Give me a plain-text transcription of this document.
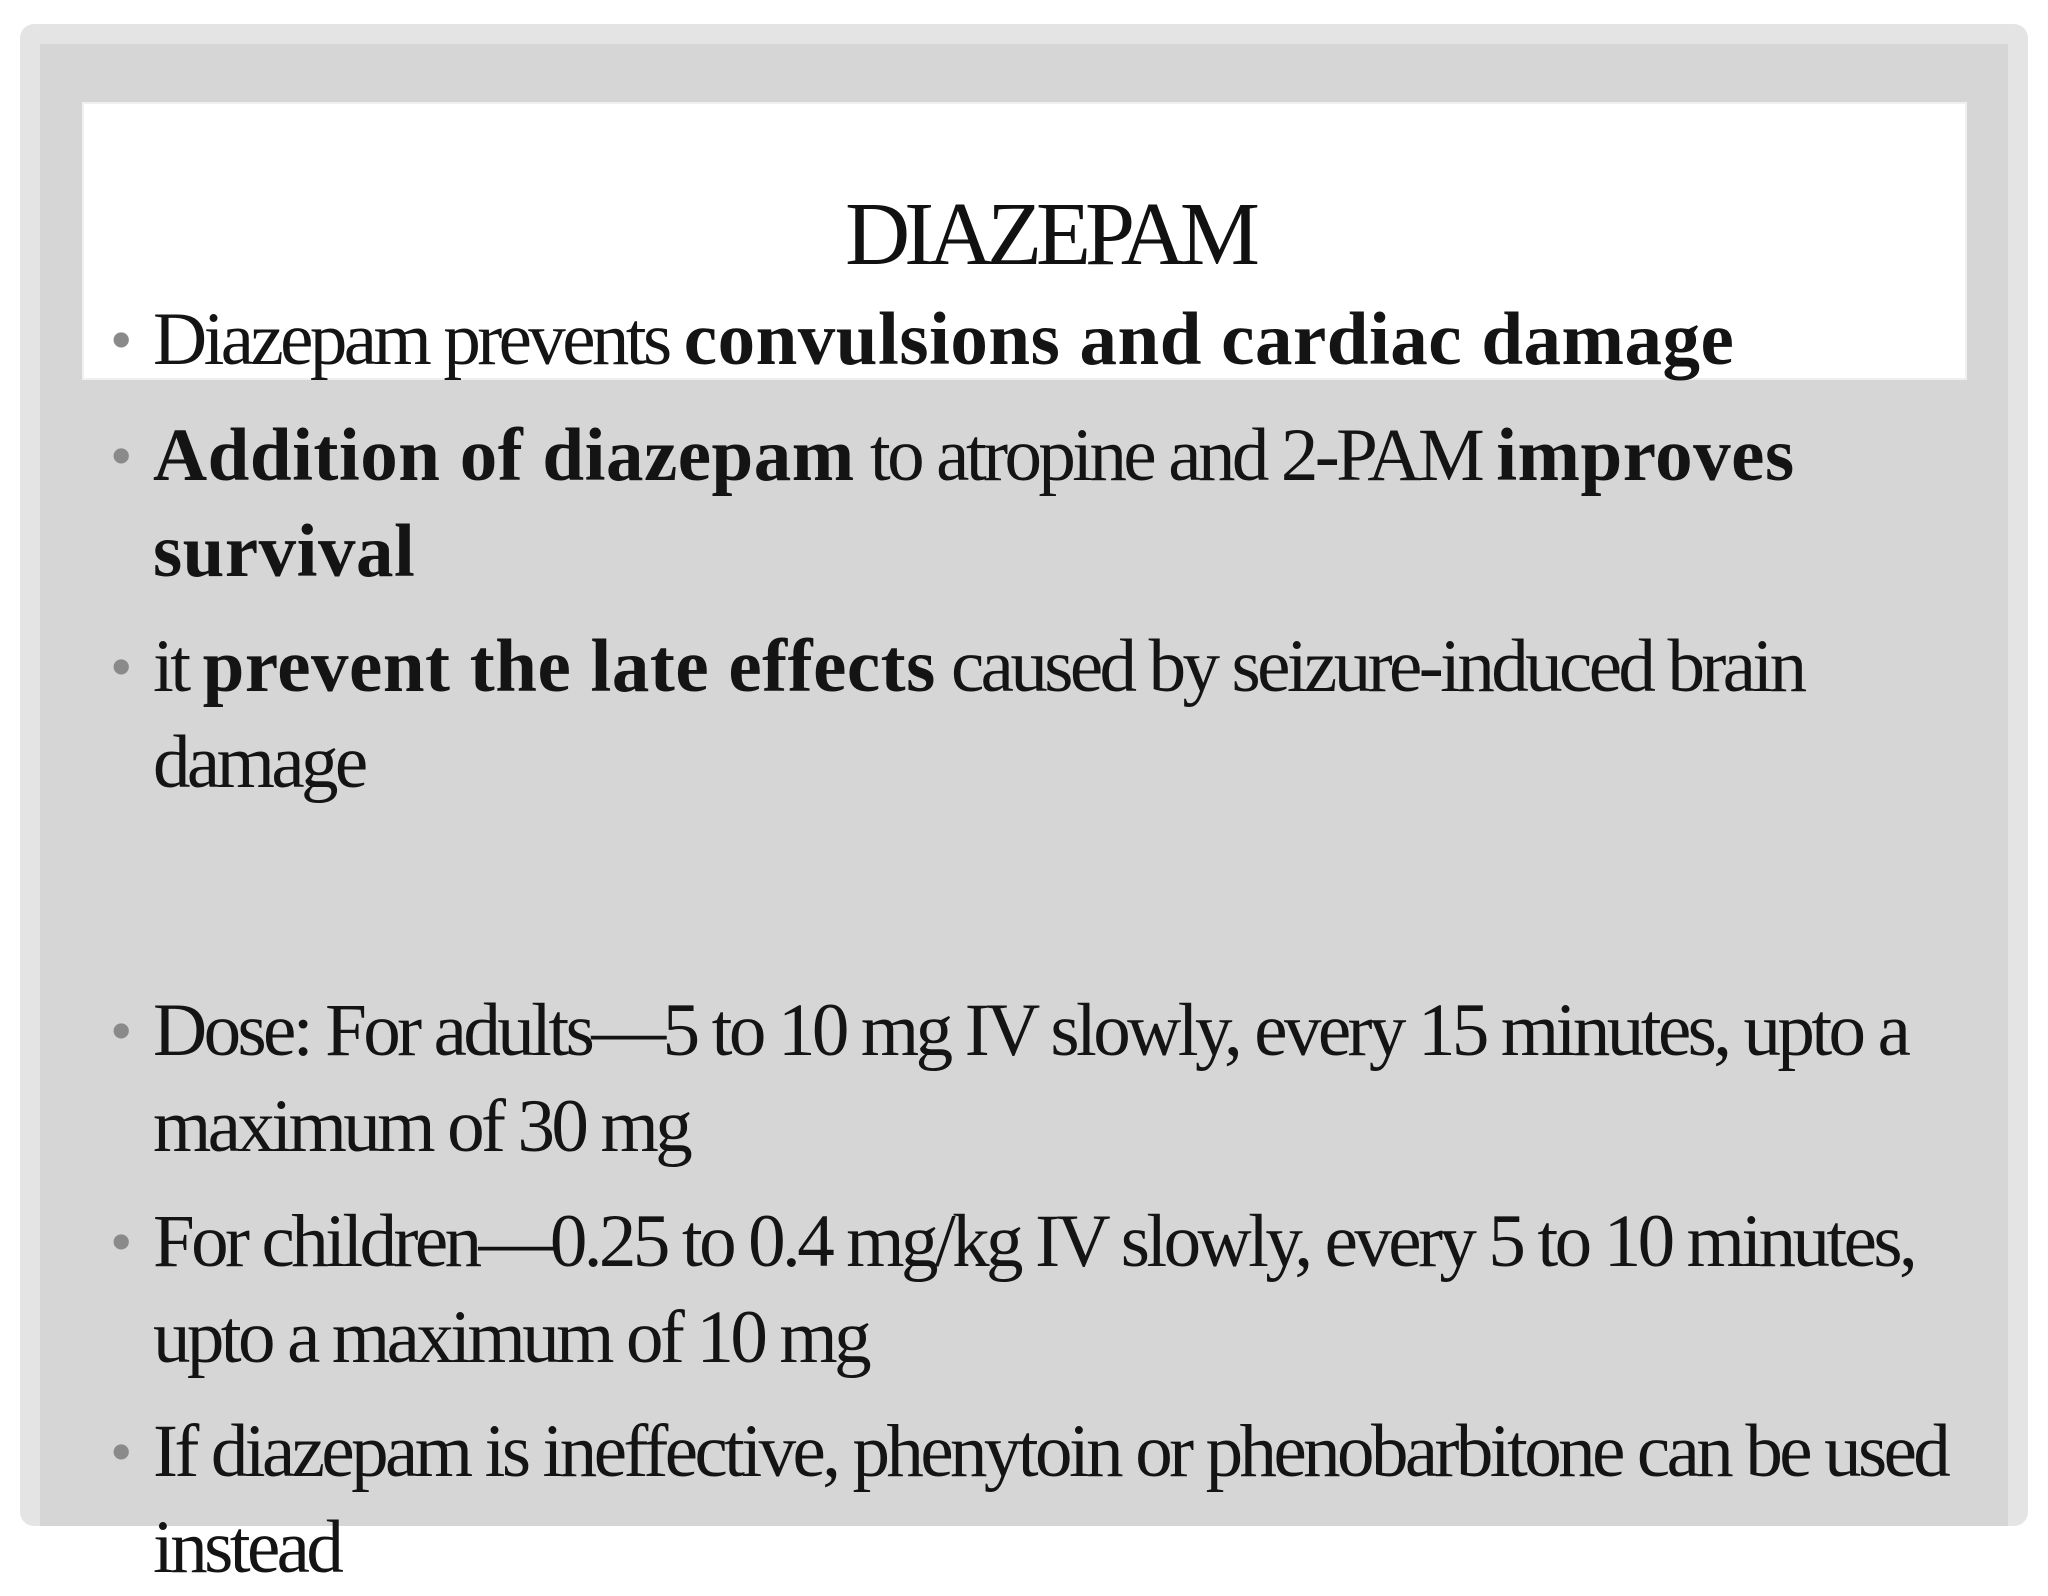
DIAZEPAM
• Diazepam prevents convulsions and cardiac damage
• Addition of diazepam to atropine and 2-PAM improves survival
• it prevent the late effects caused by seizure-induced brain damage
• Dose: For adults—5 to 10 mg IV slowly, every 15 minutes, upto a maximum of 30 mg
• For children—0.25 to 0.4 mg/kg IV slowly, every 5 to 10 minutes, upto a maximum of 10 mg
• If diazepam is ineffective, phenytoin or phenobarbitone can be used instead
